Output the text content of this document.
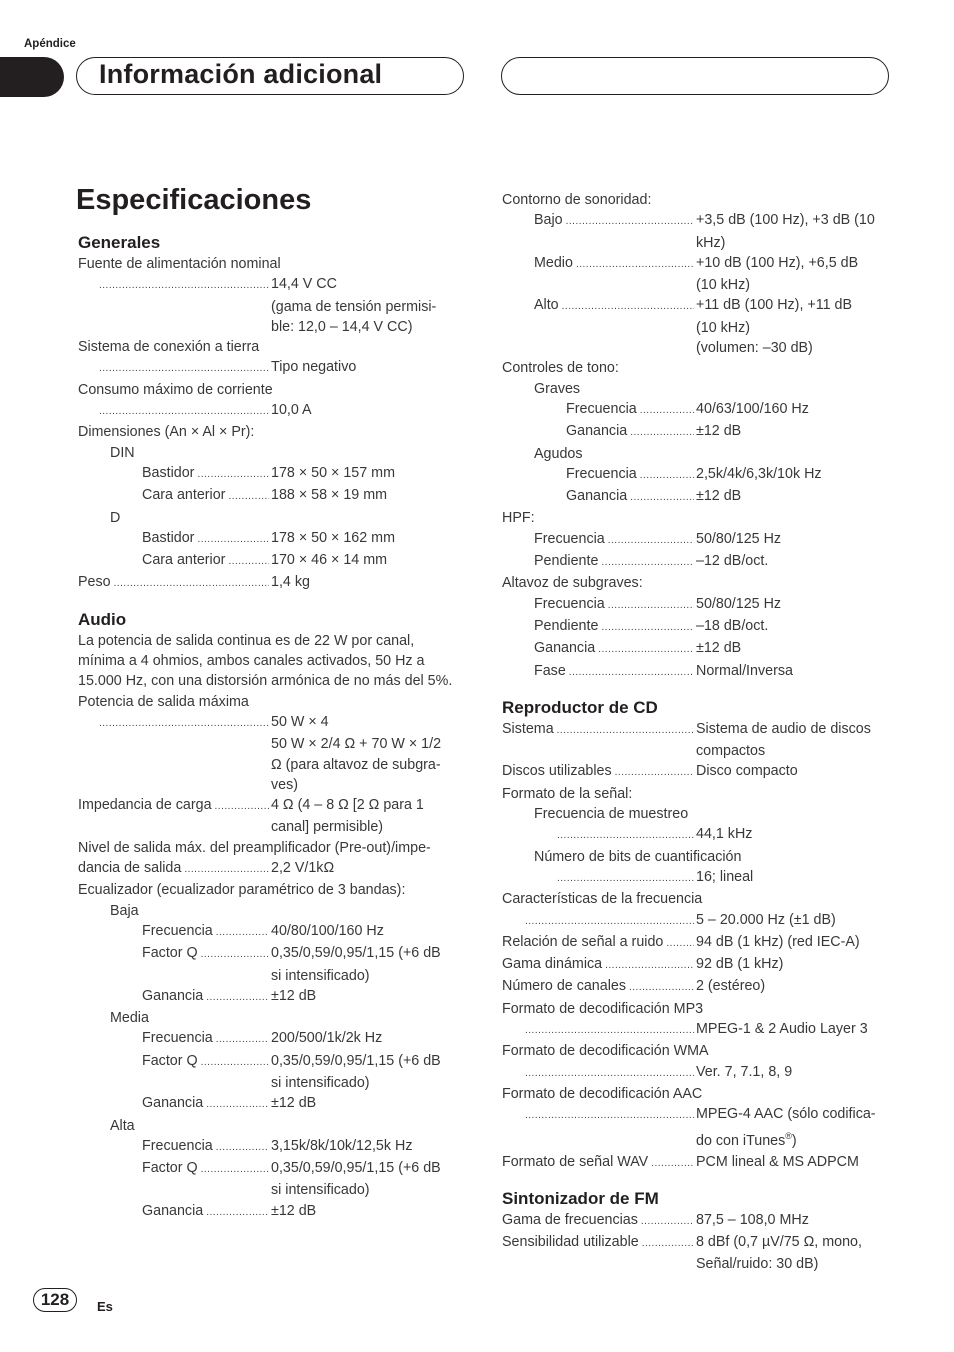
Apéndice
Información adicional
Especificaciones
Generales
Fuente de alimentación nominal
.....
14,4 V CC
(gama de tensión permisi-
ble: 12,0 – 14,4 V CC)
Sistema de conexión a tierra
.....
Tipo negativo
Consumo máximo de corriente
.....
10,0 A
Dimensiones (An × Al × Pr):
DIN
Bastidor .....	178 × 50 × 157 mm
Cara anterior .....	188 × 58 × 19 mm
D
Bastidor .....	178 × 50 × 162 mm
Cara anterior .....	170 × 46 × 14 mm
Peso .....	1,4 kg
Audio
La potencia de salida continua es de 22 W por canal, mínima a 4 ohmios, ambos canales activados, 50 Hz a 15.000 Hz, con una distorsión armónica de no más del 5%.
Potencia de salida máxima
.....
50 W × 4
50 W × 2/4 Ω + 70 W × 1/2
Ω (para altavoz de subgra-
ves)
Impedancia de carga .....	4 Ω (4 – 8 Ω [2 Ω para 1
canal] permisible)
Nivel de salida máx. del preamplificador (Pre-out)/impe-
dancia de salida .....	2,2 V/1kΩ
Ecualizador (ecualizador paramétrico de 3 bandas):
Baja
Frecuencia .....	40/80/100/160 Hz
Factor Q .....	0,35/0,59/0,95/1,15 (+6 dB
si intensificado)
Ganancia .....	±12 dB
Media
Frecuencia .....	200/500/1k/2k Hz
Factor Q .....	0,35/0,59/0,95/1,15 (+6 dB
si intensificado)
Ganancia .....	±12 dB
Alta
Frecuencia .....	3,15k/8k/10k/12,5k Hz
Factor Q .....	0,35/0,59/0,95/1,15 (+6 dB
si intensificado)
Ganancia .....	±12 dB
Contorno de sonoridad:
Bajo .....	+3,5 dB (100 Hz), +3 dB (10
kHz)
Medio .....	+10 dB (100 Hz), +6,5 dB
(10 kHz)
Alto .....	+11 dB (100 Hz), +11 dB
(10 kHz)
(volumen: –30 dB)
Controles de tono:
Graves
Frecuencia .....	40/63/100/160 Hz
Ganancia .....	±12 dB
Agudos
Frecuencia .....	2,5k/4k/6,3k/10k Hz
Ganancia .....	±12 dB
HPF:
Frecuencia .....	50/80/125 Hz
Pendiente .....	–12 dB/oct.
Altavoz de subgraves:
Frecuencia .....	50/80/125 Hz
Pendiente .....	–18 dB/oct.
Ganancia .....	±12 dB
Fase .....	Normal/Inversa
Reproductor de CD
Sistema .....	Sistema de audio de discos
compactos
Discos utilizables .....	Disco compacto
Formato de la señal:
Frecuencia de muestreo
.....
44,1 kHz
Número de bits de cuantificación
.....
16; lineal
Características de la frecuencia
.....
5 – 20.000 Hz (±1 dB)
Relación de señal a ruido ..... 94 dB (1 kHz) (red IEC-A)
Gama dinámica .....	92 dB (1 kHz)
Número de canales .....	2 (estéreo)
Formato de decodificación MP3
.....
MPEG-1 & 2 Audio Layer 3
Formato de decodificación WMA
.....
Ver. 7, 7.1, 8, 9
Formato de decodificación AAC
.....
MPEG-4 AAC (sólo codifica-
do con iTunes®)
Formato de señal WAV .....	PCM lineal & MS ADPCM
Sintonizador de FM
Gama de frecuencias .....	87,5 – 108,0 MHz
Sensibilidad utilizable .....	8 dBf (0,7 µV/75 Ω, mono,
Señal/ruido: 30 dB)
128	Es
